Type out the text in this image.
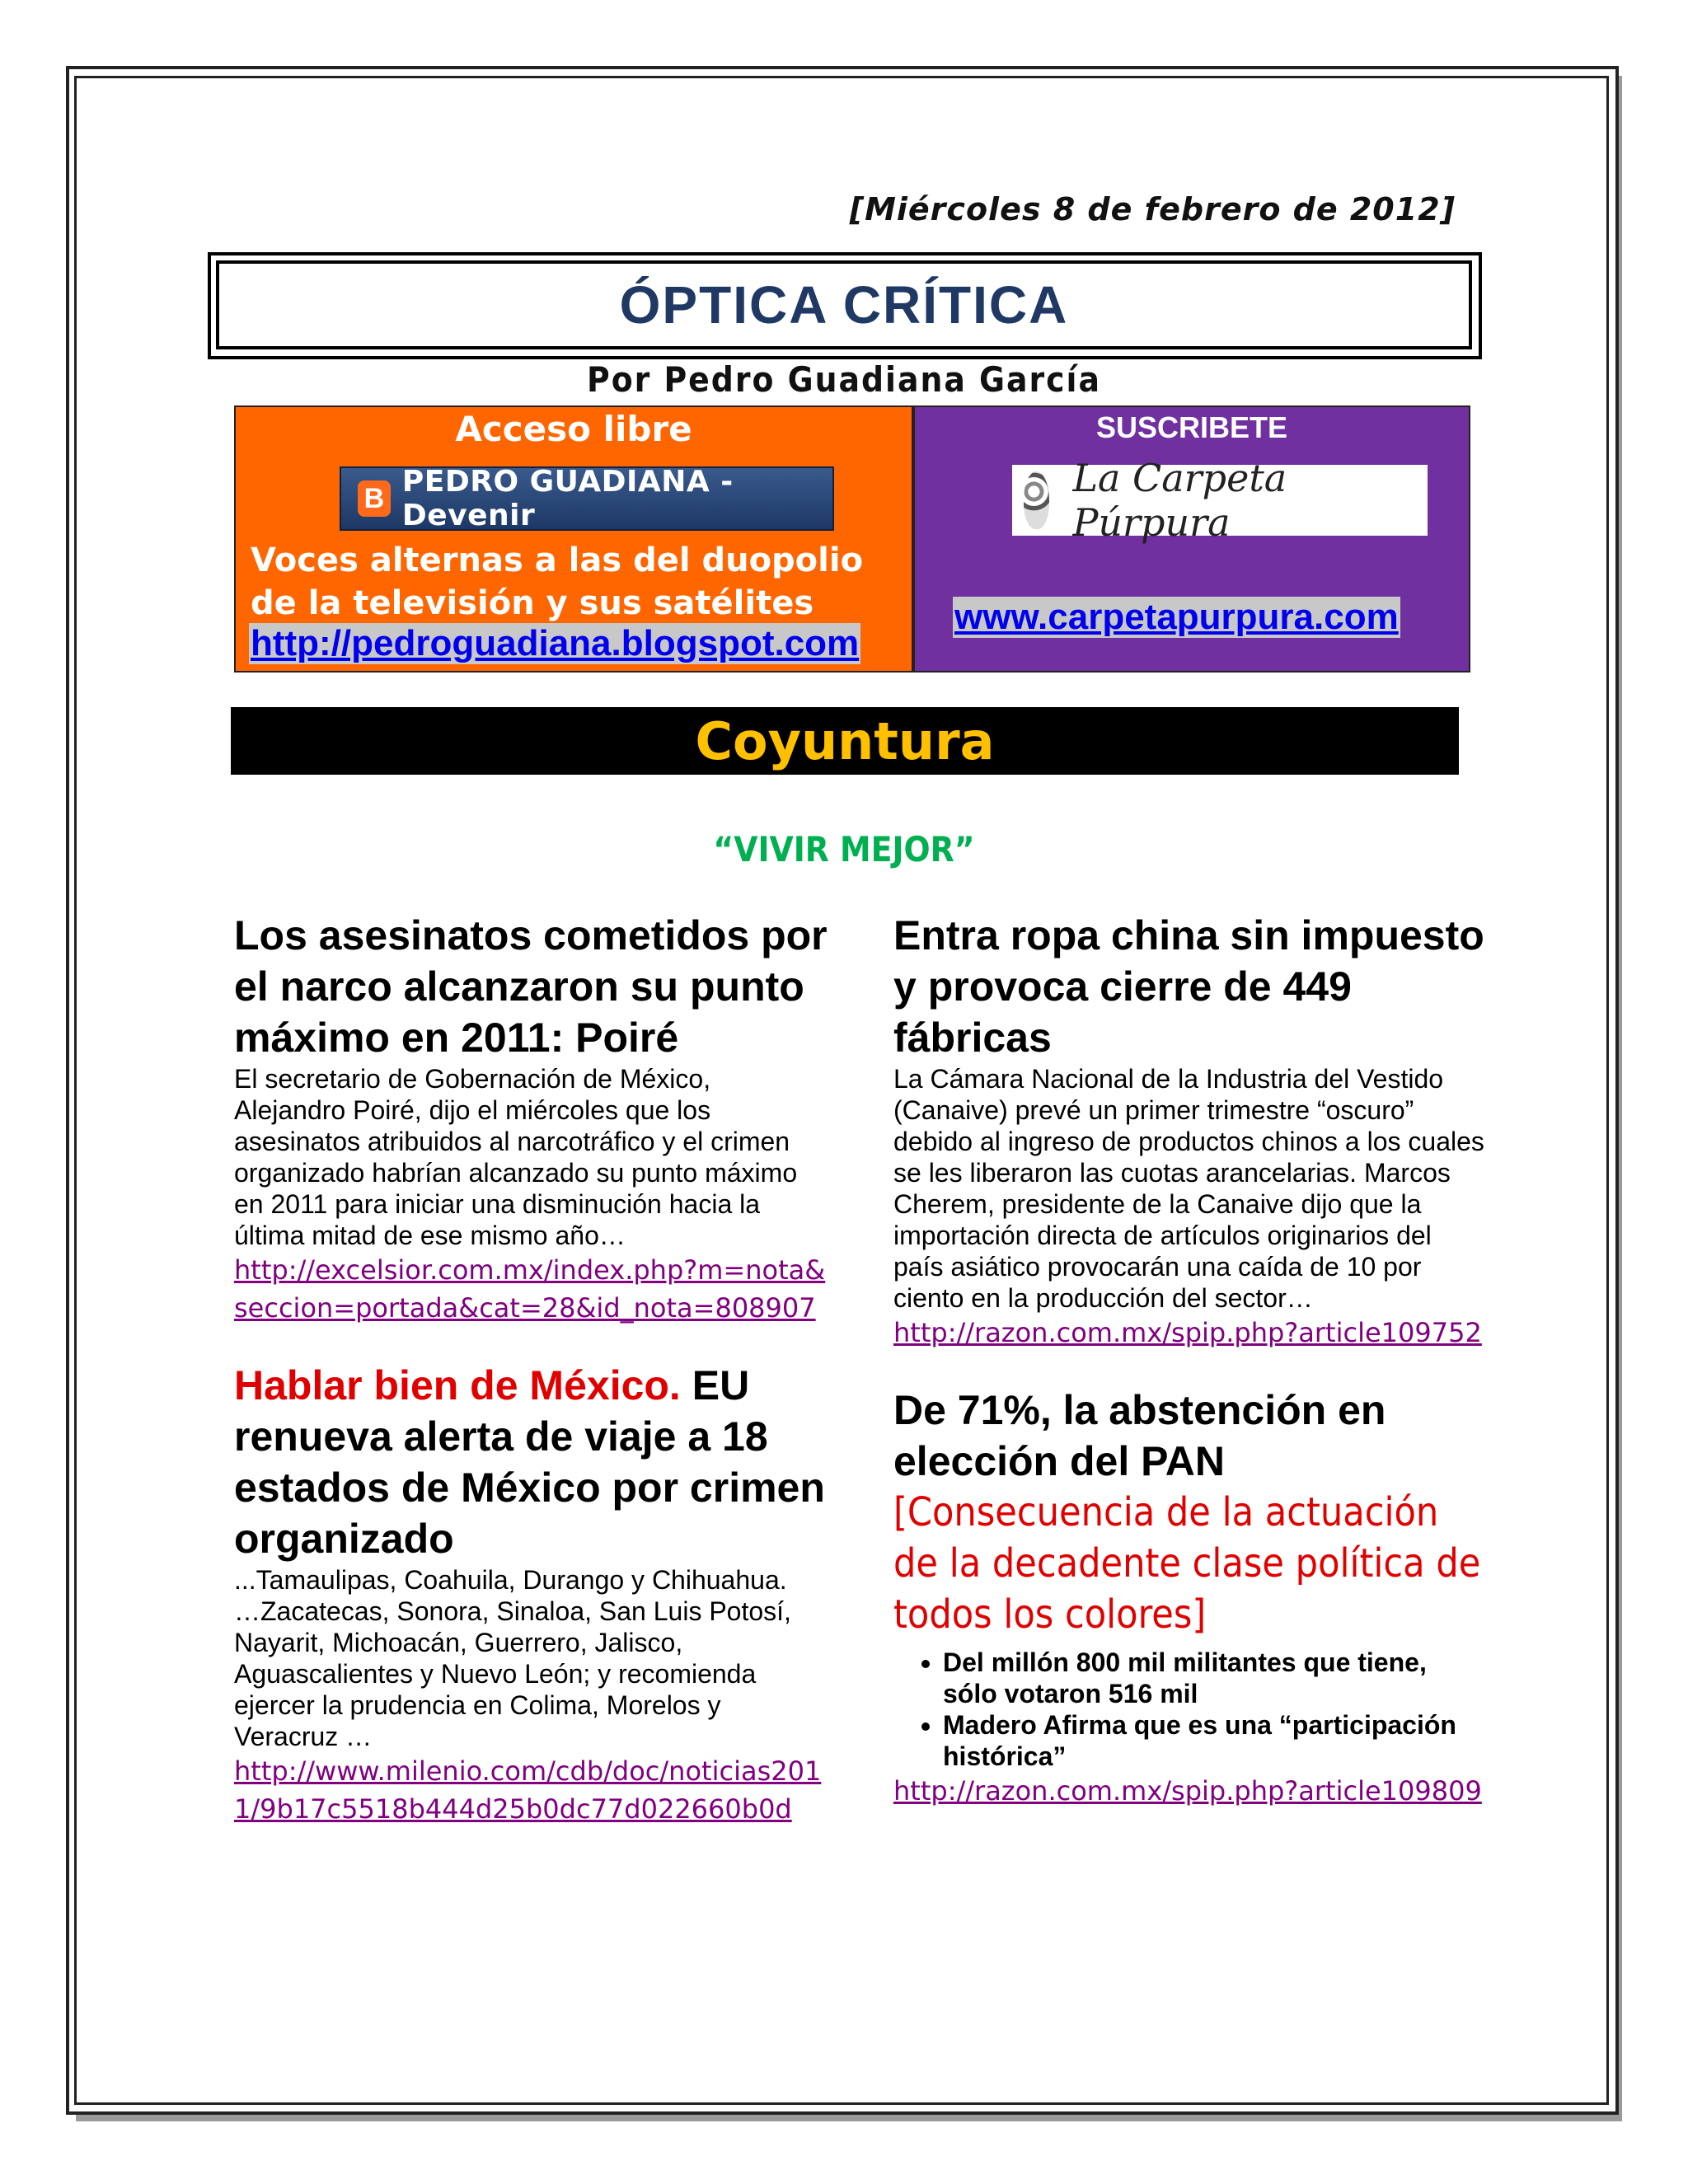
[Miércoles 8 de febrero de 2012]
ÓPTICA CRÍTICA
Por Pedro Guadiana García
Acceso libre
B PEDRO GUADIANA - Devenir
Voces alternas a las del duopolio de la televisión y sus satélites
http://pedroguadiana.blogspot.com
SUSCRIBETE
La Carpeta Púrpura
www.carpetapurpura.com
Coyuntura
“VIVIR MEJOR”
Los asesinatos cometidos por el narco alcanzaron su punto máximo en 2011: Poiré

El secretario de Gobernación de México, Alejandro Poiré, dijo el miércoles que los asesinatos atribuidos al narcotráfico y el crimen organizado habrían alcanzado su punto máximo en 2011 para iniciar una disminución hacia la última mitad de ese mismo año…

http://excelsior.com.mx/index.php?m=nota&seccion=portada&cat=28&id_nota=808907
Hablar bien de México. EU renueva alerta de viaje a 18 estados de México por crimen organizado

...Tamaulipas, Coahuila, Durango y Chihuahua.

…Zacatecas, Sonora, Sinaloa, San Luis Potosí, Nayarit, Michoacán, Guerrero, Jalisco, Aguascalientes y Nuevo León; y recomienda ejercer la prudencia en Colima, Morelos y Veracruz …

http://www.milenio.com/cdb/doc/noticias2011/9b17c5518b444d25b0dc77d022660b0d
Entra ropa china sin impuesto y provoca cierre de 449 fábricas

La Cámara Nacional de la Industria del Vestido (Canaive) prevé un primer trimestre “oscuro” debido al ingreso de productos chinos a los cuales se les liberaron las cuotas arancelarias. Marcos Cherem, presidente de la Canaive dijo que la importación directa de artículos originarios del país asiático provocarán una caída de 10 por ciento en la producción del sector…

http://razon.com.mx/spip.php?article109752
De 71%, la abstención en elección del PAN

[Consecuencia de la actuación de la decadente clase política de todos los colores]

• Del millón 800 mil militantes que tiene, sólo votaron 516 mil
• Madero Afirma que es una “participación histórica”
http://razon.com.mx/spip.php?article109809
